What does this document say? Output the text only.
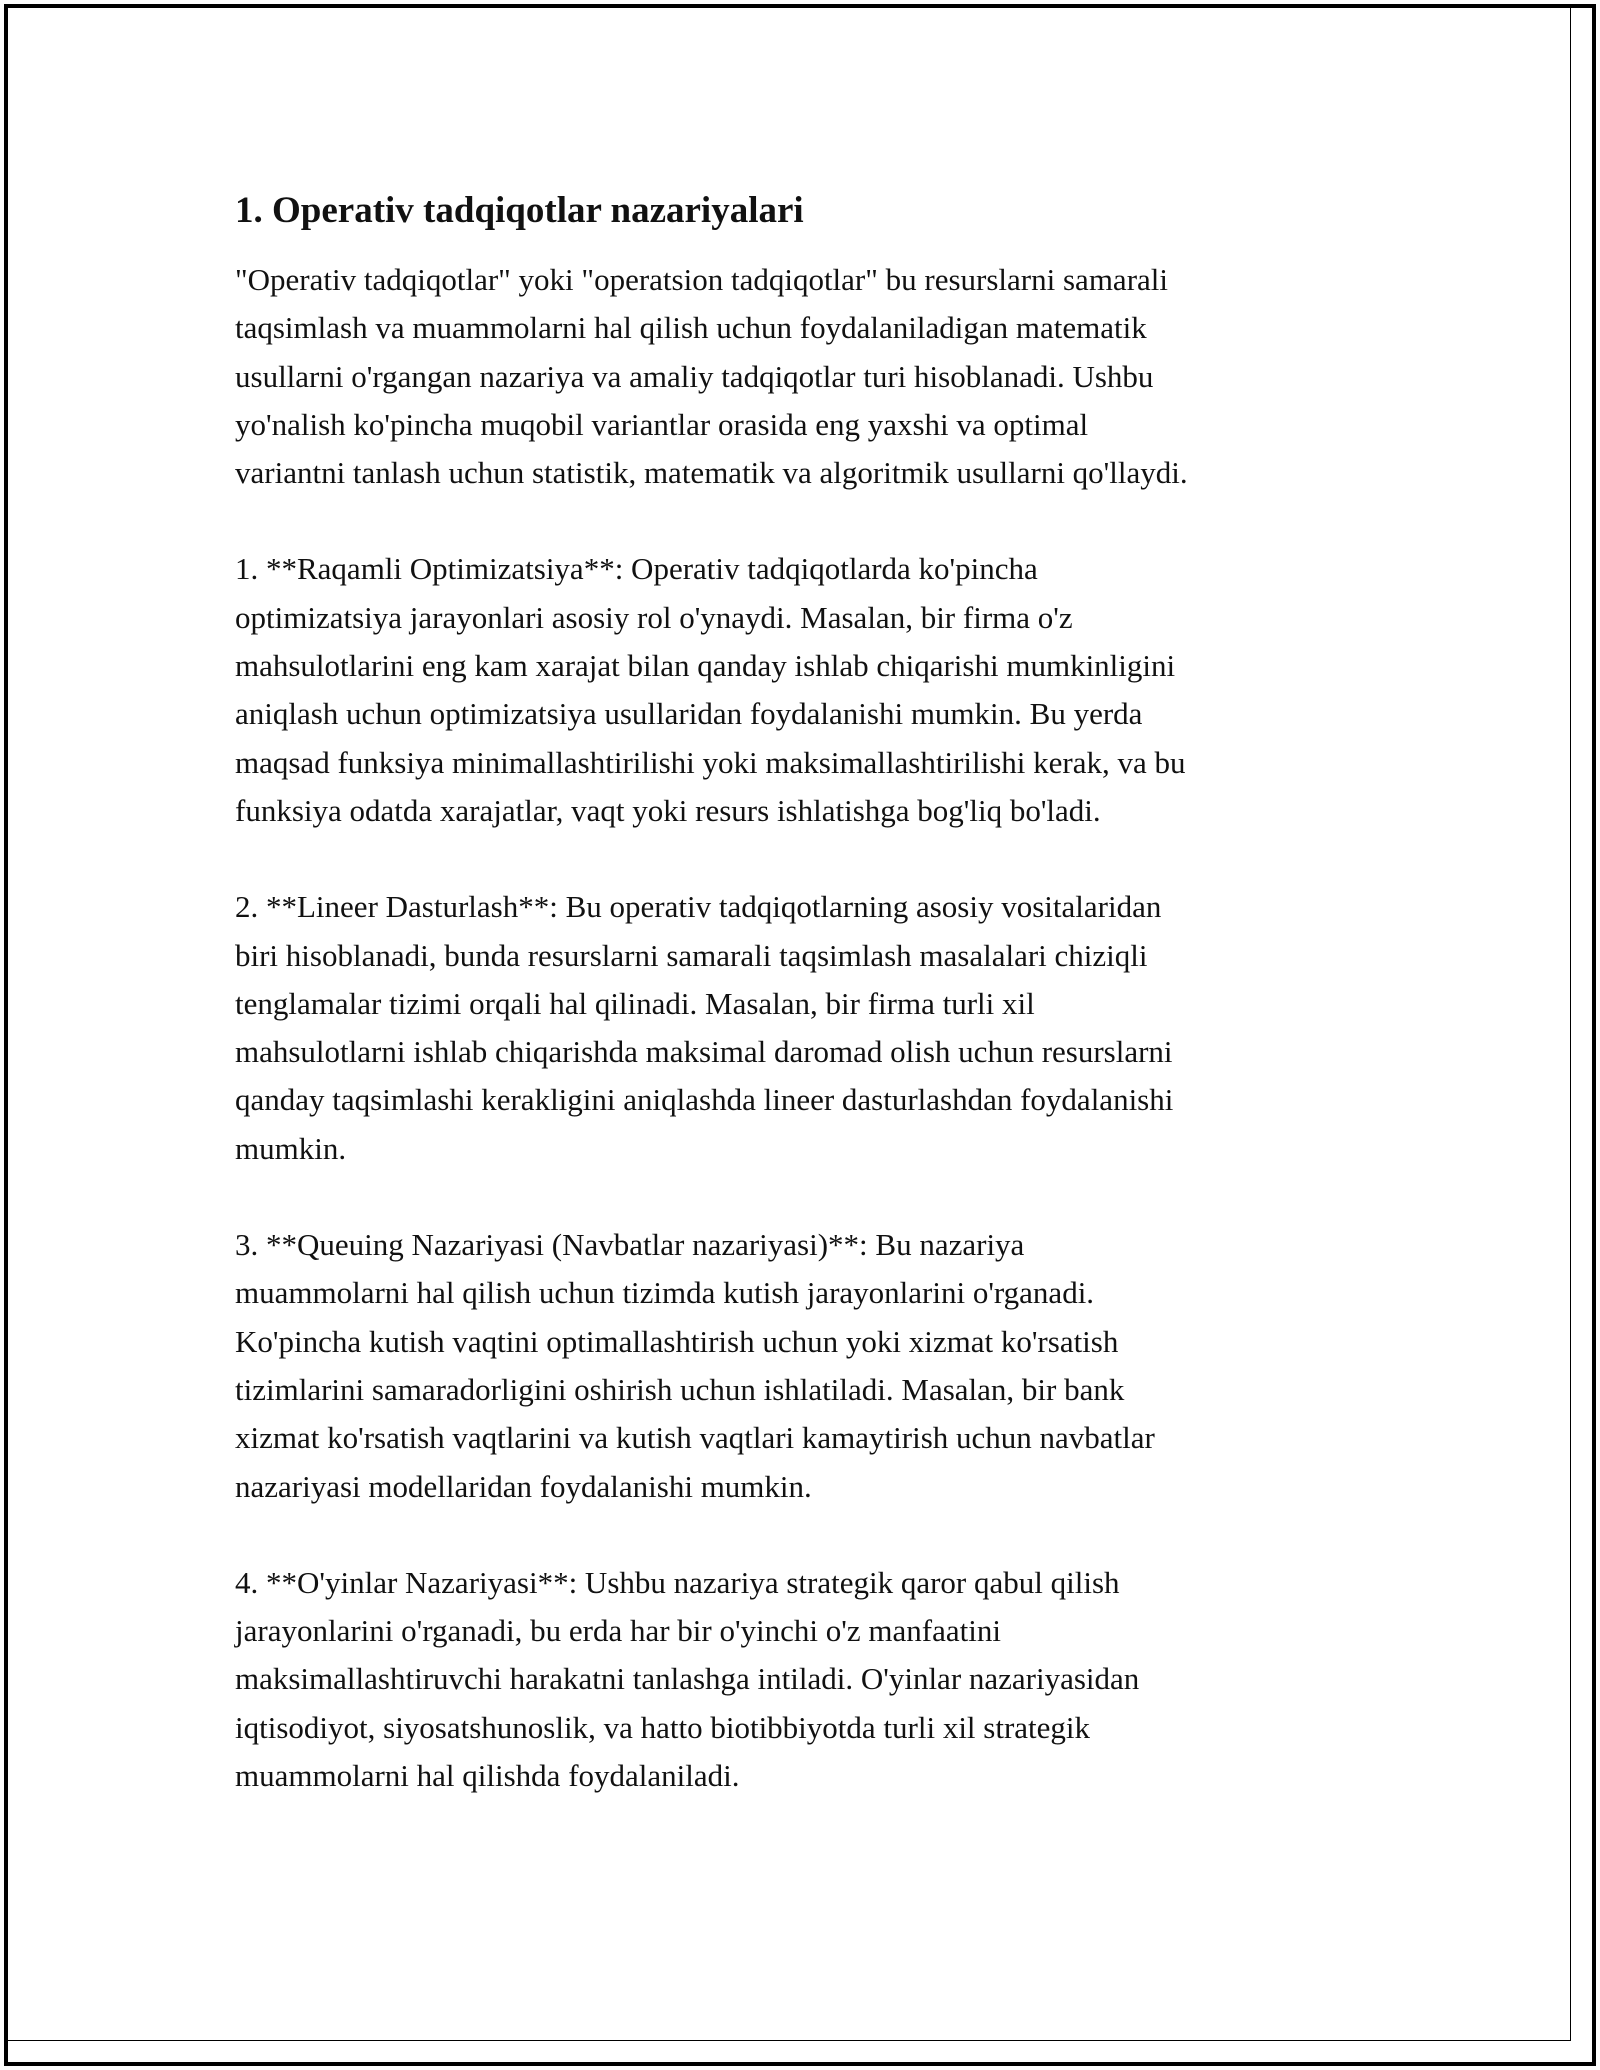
1. Operativ tadqiqotlar nazariyalari
"Operativ tadqiqotlar" yoki "operatsion tadqiqotlar" bu resurslarni samarali
taqsimlash va muammolarni hal qilish uchun foydalaniladigan matematik
usullarni o'rgangan nazariya va amaliy tadqiqotlar turi hisoblanadi. Ushbu
yo'nalish ko'pincha muqobil variantlar orasida eng yaxshi va optimal
variantni tanlash uchun statistik, matematik va algoritmik usullarni qo'llaydi.
1. **Raqamli Optimizatsiya**: Operativ tadqiqotlarda ko'pincha
optimizatsiya jarayonlari asosiy rol o'ynaydi. Masalan, bir firma o'z
mahsulotlarini eng kam xarajat bilan qanday ishlab chiqarishi mumkinligini
aniqlash uchun optimizatsiya usullaridan foydalanishi mumkin. Bu yerda
maqsad funksiya minimallashtirilishi yoki maksimallashtirilishi kerak, va bu
funksiya odatda xarajatlar, vaqt yoki resurs ishlatishga bog'liq bo'ladi.
2. **Lineer Dasturlash**: Bu operativ tadqiqotlarning asosiy vositalaridan
biri hisoblanadi, bunda resurslarni samarali taqsimlash masalalari chiziqli
tenglamalar tizimi orqali hal qilinadi. Masalan, bir firma turli xil
mahsulotlarni ishlab chiqarishda maksimal daromad olish uchun resurslarni
qanday taqsimlashi kerakligini aniqlashda lineer dasturlashdan foydalanishi
mumkin.
3. **Queuing Nazariyasi (Navbatlar nazariyasi)**: Bu nazariya
muammolarni hal qilish uchun tizimda kutish jarayonlarini o'rganadi.
Ko'pincha kutish vaqtini optimallashtirish uchun yoki xizmat ko'rsatish
tizimlarini samaradorligini oshirish uchun ishlatiladi. Masalan, bir bank
xizmat ko'rsatish vaqtlarini va kutish vaqtlari kamaytirish uchun navbatlar
nazariyasi modellaridan foydalanishi mumkin.
4. **O'yinlar Nazariyasi**: Ushbu nazariya strategik qaror qabul qilish
jarayonlarini o'rganadi, bu erda har bir o'yinchi o'z manfaatini
maksimallashtiruvchi harakatni tanlashga intiladi. O'yinlar nazariyasidan
iqtisodiyot, siyosatshunoslik, va hatto biotibbiyotda turli xil strategik
muammolarni hal qilishda foydalaniladi.
